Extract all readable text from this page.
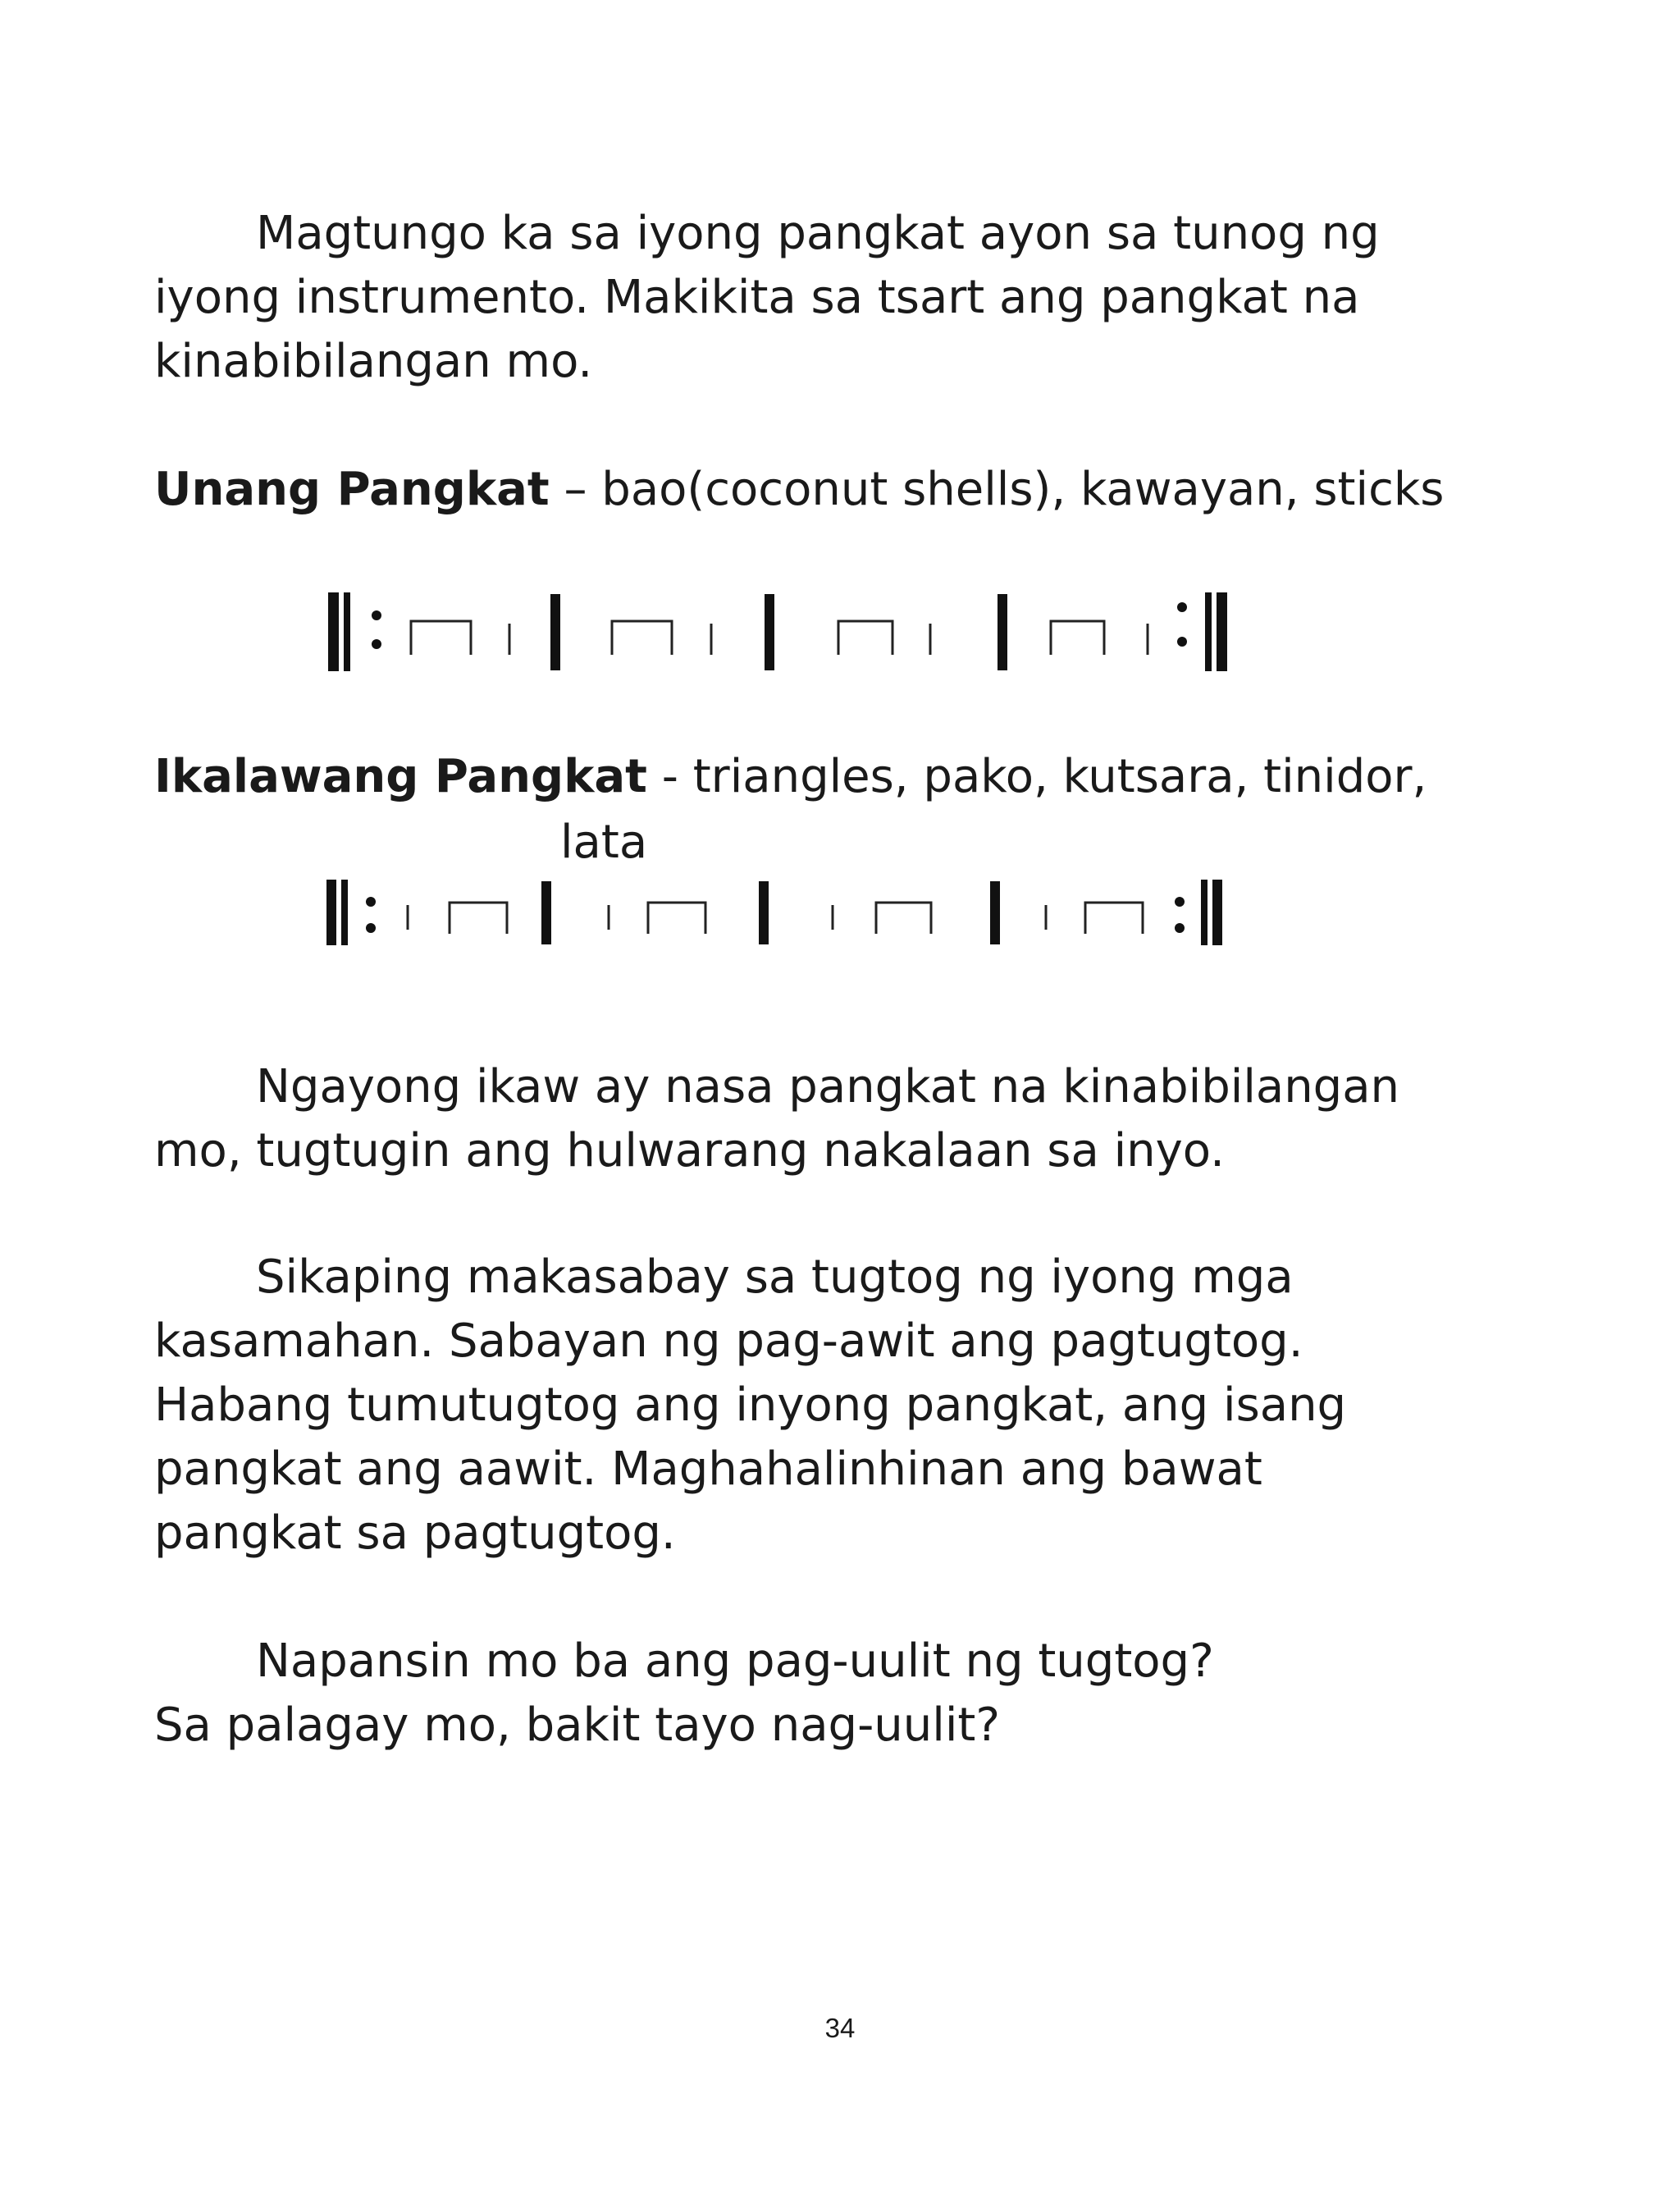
Magtungo ka sa iyong pangkat ayon sa tunog ng
iyong instrumento. Makikita sa tsart ang pangkat na
kinabibilangan mo.
Unang Pangkat – bao(coconut shells), kawayan, sticks
Ikalawang Pangkat - triangles, pako, kutsara, tinidor,
lata
Ngayong ikaw ay nasa pangkat na kinabibilangan
mo, tugtugin ang hulwarang nakalaan sa inyo.
Sikaping makasabay sa tugtog ng iyong mga
kasamahan. Sabayan ng pag-awit ang pagtugtog.
Habang tumutugtog ang inyong pangkat, ang isang
pangkat ang aawit. Maghahalinhinan ang bawat
pangkat sa pagtugtog.
Napansin mo ba ang pag-uulit ng tugtog?
Sa palagay mo, bakit tayo nag-uulit?
34
